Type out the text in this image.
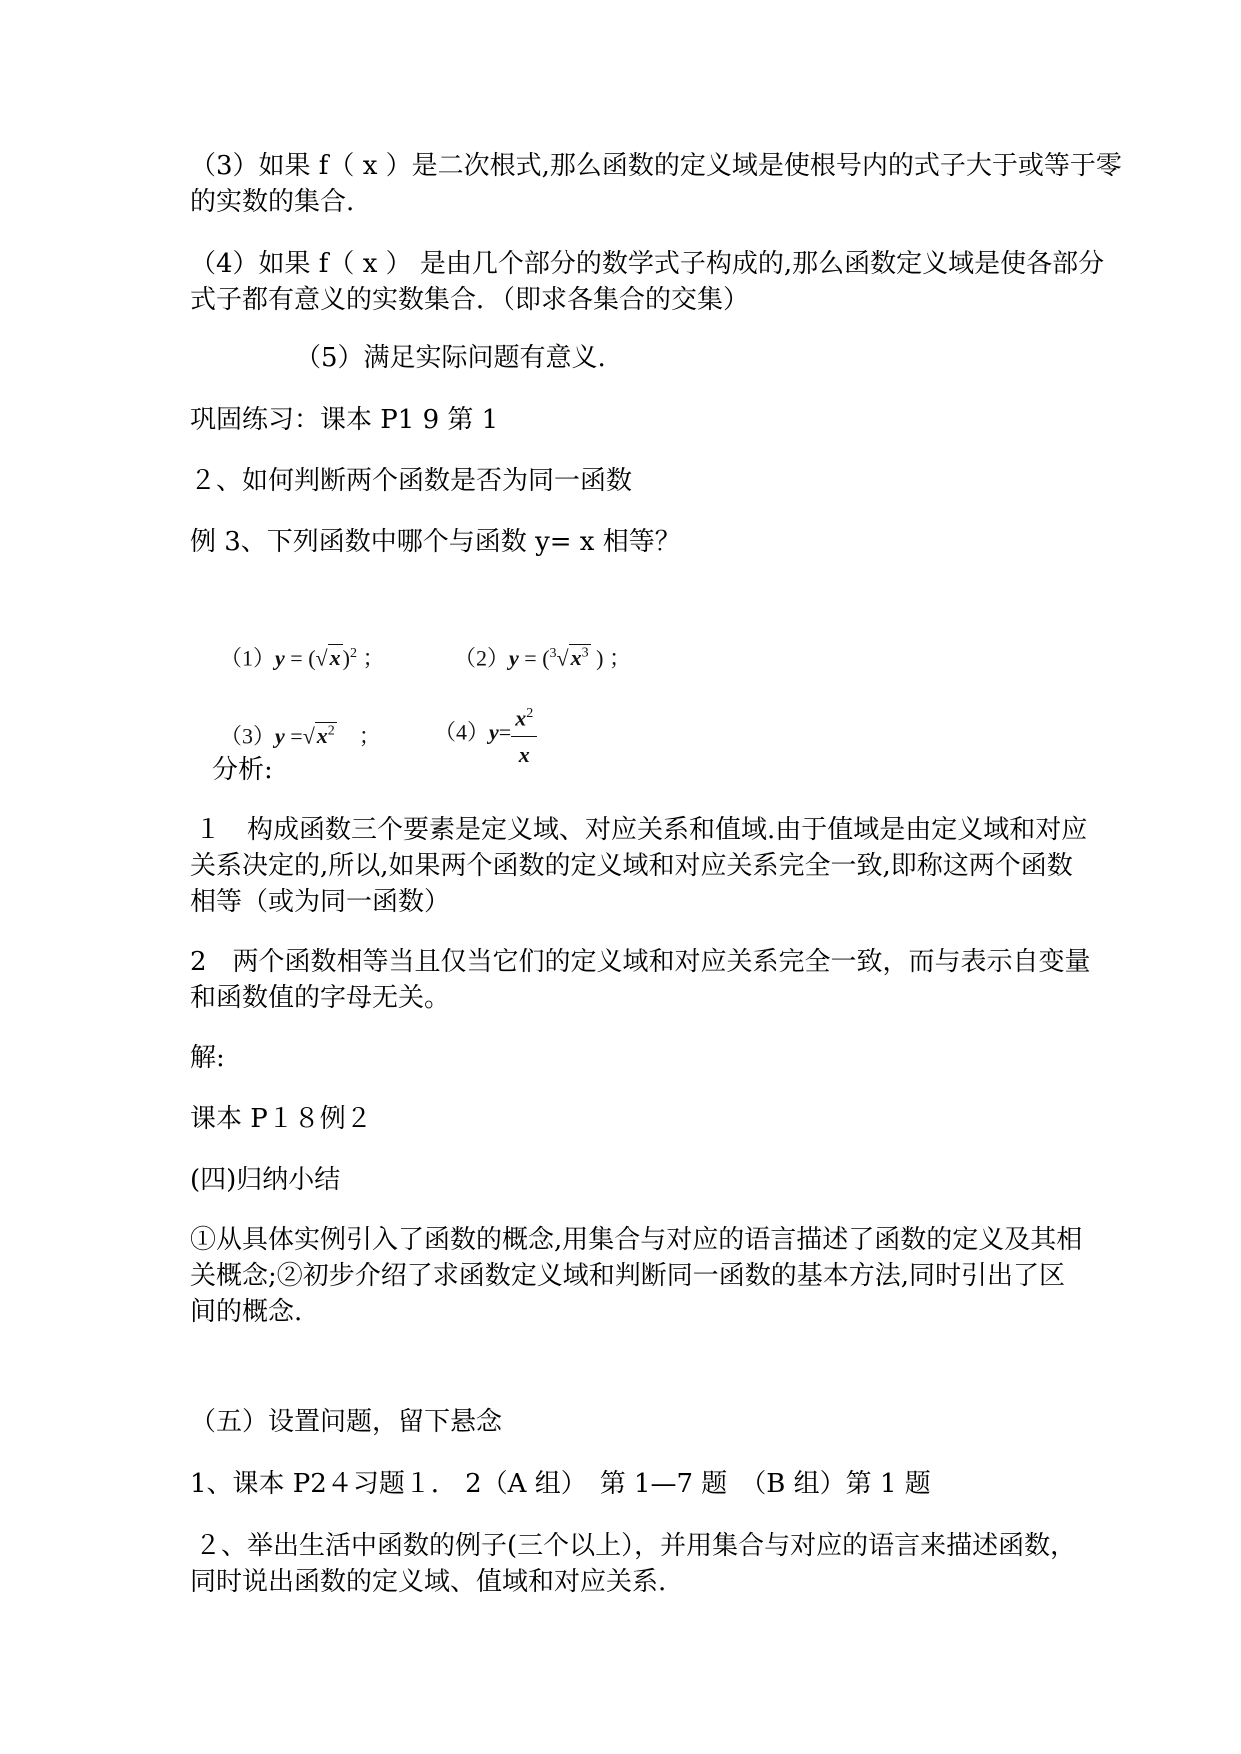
（3）如果 f（ x ）是二次根式,那么函数的定义域是使根号内的式子大于或等于零
的实数的集合.
（4）如果 f（ x ） 是由几个部分的数学式子构成的,那么函数定义域是使各部分
式子都有意义的实数集合．（即求各集合的交集）
（5）满足实际问题有意义.
巩固练习：课本 P1 9 第 1
２、如何判断两个函数是否为同一函数
例 3、下列函数中哪个与函数 y= x 相等？

$(1)y = (√x)^2$ ；
	$(2)y = (^3√x^3$ ) ；

$(3)y =√x^2$　 ；
	$(4)y= \frac{x^2}{x}$

分析:
１　构成函数三个要素是定义域、对应关系和值域.由于值域是由定义域和对应
关系决定的,所以,如果两个函数的定义域和对应关系完全一致,即称这两个函数
相等（或为同一函数）
2　两个函数相等当且仅当它们的定义域和对应关系完全一致，而与表示自变量
和函数值的字母无关。
解:
课本 P１８例２
(四)归纳小结
①从具体实例引入了函数的概念,用集合与对应的语言描述了函数的定义及其相
关概念;②初步介绍了求函数定义域和判断同一函数的基本方法,同时引出了区
间的概念.
（五）设置问题，留下悬念
1、课本 P2４习题１． 2（A 组）　第 1—7 题　（B 组）第 1 题
２、举出生活中函数的例子(三个以上），并用集合与对应的语言来描述函数，
同时说出函数的定义域、值域和对应关系.
